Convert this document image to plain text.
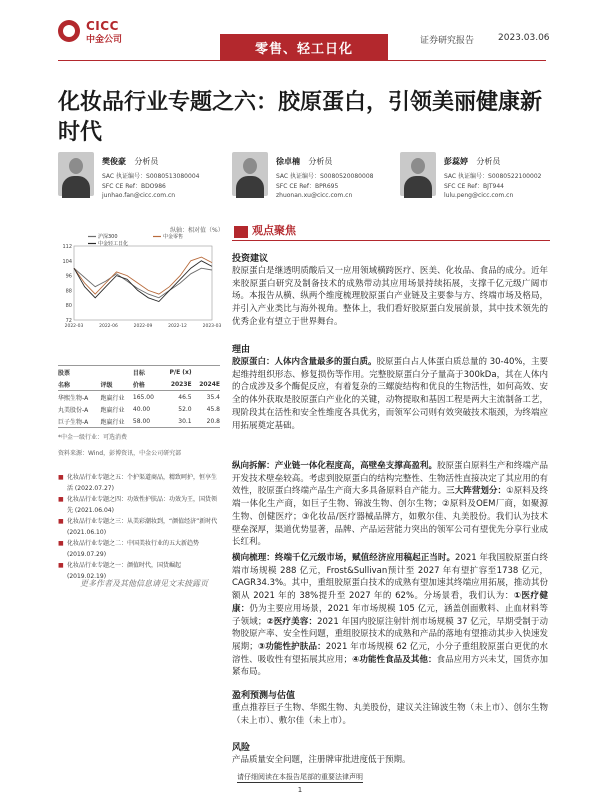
CICC
中金公司
零售、轻工日化
证券研究报告	2023.03.06
化妆品行业专题之六：胶原蛋白，引领美丽健康新时代
樊俊豪 分析员
SAC 执证编号：S0080513080004
SFC CE Ref：BDO986
junhao.fan@cicc.com.cn
徐卓楠 分析员
SAC 执证编号：S0080520080008
SFC CE Ref：BPR695
zhuonan.xu@cicc.com.cn
彭蕊婷 分析员
SAC 执证编号：S0080522100002
SFC CE Ref：BJT944
lulu.peng@cicc.com.cn
纵轴：相对值（%）
72
80
88
96
104
112
2022-03	2022-06	2022-09	2022-12	2023-03
沪深300	中金零售
中金轻工日化

股票		目标	P/E (x)	
名称	评级	价格	2023E	2024E

华熙生物-A	跑赢行业	165.00	46.5	35.4
丸美股份-A	跑赢行业	40.00	52.0	45.8
巨子生物-A	跑赢行业	58.00	30.1	20.8

*中金一级行业：可选消费
资料来源：Wind，彭博资讯，中金公司研究部
■ 化妆品行业专题之五：个护渠道商品，精致呵护，恒享生活 (2022.07.27)
■ 化妆品行业专题之四：功效性护肤品：功效为王，国货领先 (2021.06.04)
■ 化妆品行业专题之三：从美彩潮妆到，“颜值经济”新时代 (2021.06.10)
■ 化妆品行业专题之二：中国美妆行业的五大新趋势 (2019.07.29)
■ 化妆品行业专题之一：颜值时代，国货崛起 (2019.02.19)
更多作者及其他信息请见文末披露页
观点聚焦
投资建议
胶原蛋白是继透明质酸后又一应用领域横跨医疗、医美、化妆品、食品的成分。近年来胶原蛋白研究及制备技术的成熟带动其应用场景持续拓展，支撑千亿元级广阔市场。本报告从横、纵两个维度梳理胶原蛋白产业链及主要参与方、终端市场及格局，并引入产业类比与海外视角。整体上，我们看好胶原蛋白发展前景，其中技术领先的优秀企业有望立于世界舞台。
理由
胶原蛋白：人体内含量最多的蛋白质。胶原蛋白占人体蛋白质总量的 30-40%，主要起维持组织形态、修复损伤等作用。完整胶原蛋白分子量高于300kDa，其在人体内的合成涉及多个酶促反应，有着复杂的三螺旋结构和优良的生物活性，如何高效、安全的体外获取是胶原蛋白产业化的关键，动物提取和基因工程是两大主流制备工艺，现阶段其在活性和安全性维度各具优劣，而领军公司则有效突破技术瓶颈，为终端应用拓展奠定基础。
纵向拆解：产业链一体化程度高，高壁垒支撑高盈利。胶原蛋白原料生产和终端产品开发技术壁垒较高。考虑到胶原蛋白的结构完整性、生物活性直接决定了其应用的有效性，胶原蛋白终端产品生产商大多具备原料自产能力。三大阵营划分：①原料及终端一体化生产商，如巨子生物、锦波生物、创尔生物；②原料及OEM厂商，如聚源生物、创健医疗；③化妆品/医疗器械品牌方，如敷尔佳、丸美股份。我们认为技术壁垒深厚，渠道优势显著，品牌、产品运营能力突出的领军公司有望优先分享行业成长红利。
横向梳理：终端千亿元级市场，赋值经济应用稿起正当时。2021 年我国胶原蛋白终端市场规模 288 亿元，Frost&Sullivan预计至 2027 年有望扩容至1738 亿元，CAGR34.3%。其中，重组胶原蛋白技术的成熟有望加速其终端应用拓展，推动其份额从 2021 年的 38%提升至 2027 年的 62%。分场景看，我们认为：①医疗健康：仍为主要应用场景，2021 年市场规模 105 亿元，涵盖创面敷料、止血材料等子领域；②医疗美容：2021 年国内胶原注射针剂市场规模 37 亿元，早期受制于动物胶原产率、安全性问题，重组胶原技术的成熟和产品的落地有望推动其步入快速发展期；③功能性护肤品：2021 年市场规模 62 亿元，小分子重组胶原蛋白更优的水溶性、吸收性有望拓展其应用；④功能性食品及其他：食品应用方兴未艾，国货亦加紧布局。
盈利预测与估值
重点推荐巨子生物、华熙生物、丸美股份，建议关注锦波生物（未上市）、创尔生物（未上市）、敷尔佳（未上市）。
风险
产品质量安全问题，注册牌审批进度低于预期。
请仔细阅读在本报告尾部的重要法律声明
1
